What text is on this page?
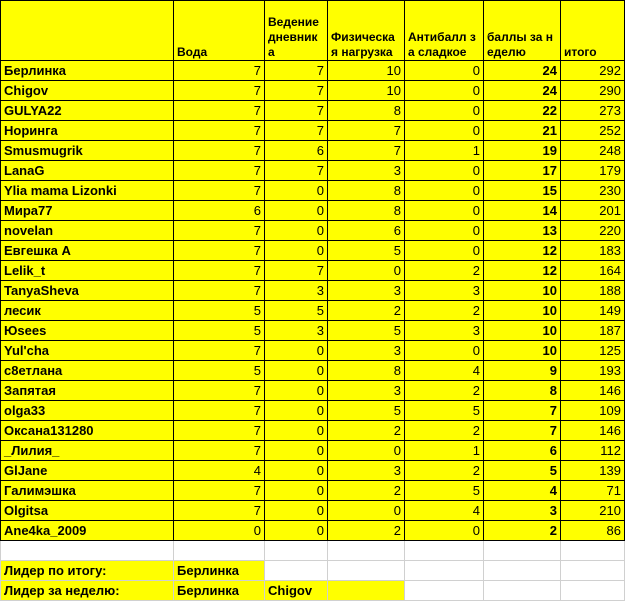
	Вода	Ведение дневника	Физическая нагрузка	Антибалл за сладкое	баллы за неделю	итого
Берлинка	7	7	10	0	24	292
Chigov	7	7	10	0	24	290
GULYA22	7	7	8	0	22	273
Норинга	7	7	7	0	21	252
Smusmugrik	7	6	7	1	19	248
LanaG	7	7	3	0	17	179
Ylia mama Lizonki	7	0	8	0	15	230
Мира77	6	0	8	0	14	201
novelan	7	0	6	0	13	220
Евгешка А	7	0	5	0	12	183
Lelik_t	7	7	0	2	12	164
TanyaSheva	7	3	3	3	10	188
лесик	5	5	2	2	10	149
Юsees	5	3	5	3	10	187
Yul'cha	7	0	3	0	10	125
c8етлана	5	0	8	4	9	193
Запятая	7	0	3	2	8	146
olga33	7	0	5	5	7	109
Оксана131280	7	0	2	2	7	146
_Лилия_	7	0	0	1	6	112
GlJane	4	0	3	2	5	139
Галимэшка	7	0	2	5	4	71
Olgitsa	7	0	0	4	3	210
Ane4ka_2009	0	0	2	0	2	86

Лидер по итогу:	Берлинка					
Лидер за неделю:	Берлинка	Chigov				
